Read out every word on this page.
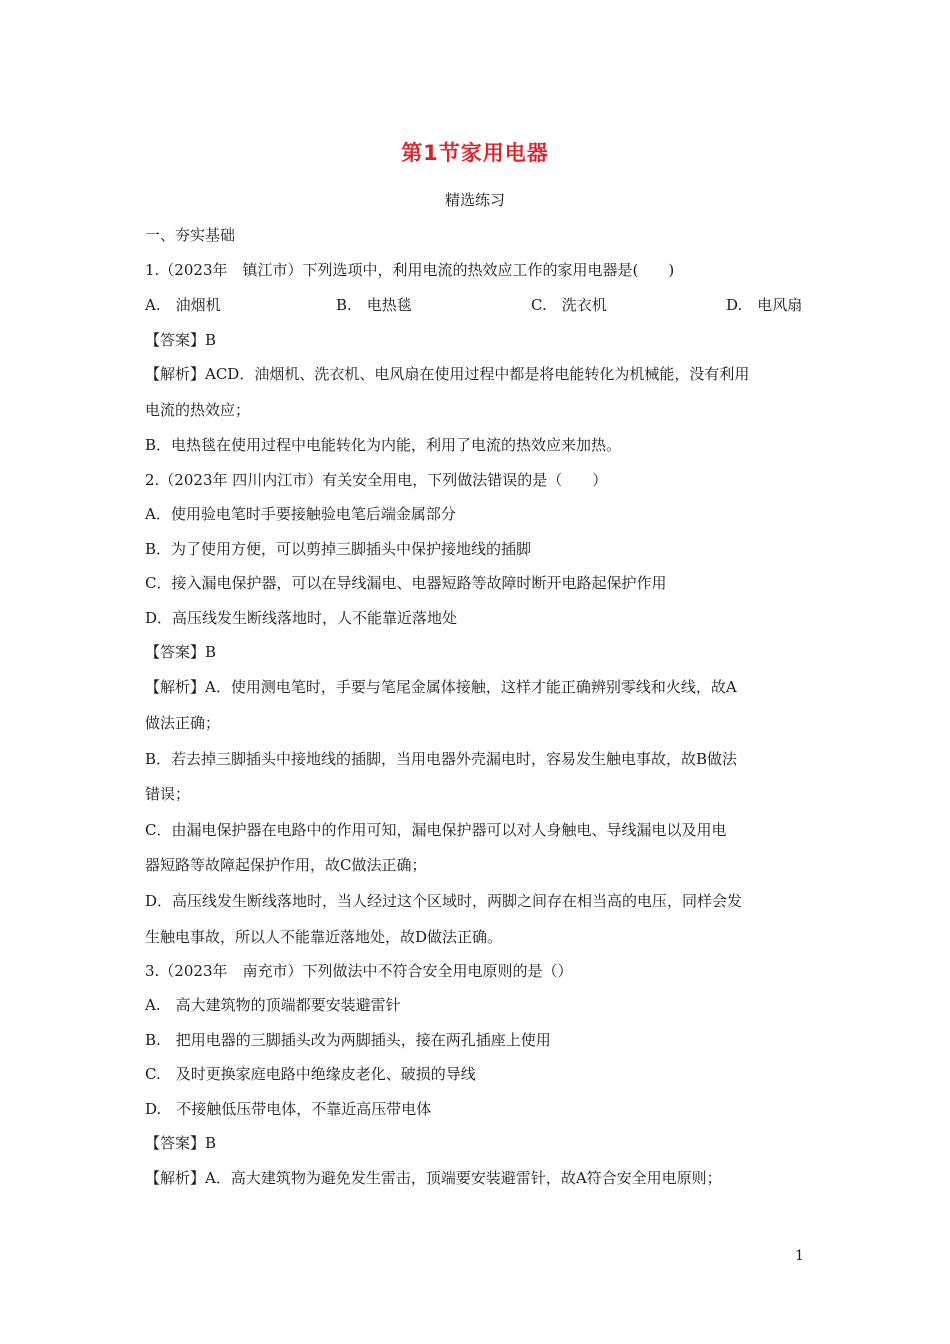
第1节家用电器
精选练习
一、夯实基础
1.（2023年　镇江市）下列选项中，利用电流的热效应工作的家用电器是(　　)
A.　油烟机	B.　电热毯	C.　洗衣机	D.　电风扇
【答案】B
【解析】ACD．油烟机、洗衣机、电风扇在使用过程中都是将电能转化为机械能，没有利用
电流的热效应；
B．电热毯在使用过程中电能转化为内能，利用了电流的热效应来加热。
2.（2023年 四川内江市）有关安全用电，下列做法错误的是（　　）
A．使用验电笔时手要接触验电笔后端金属部分
B．为了使用方便，可以剪掉三脚插头中保护接地线的插脚
C．接入漏电保护器，可以在导线漏电、电器短路等故障时断开电路起保护作用
D．高压线发生断线落地时，人不能靠近落地处
【答案】B
【解析】A．使用测电笔时，手要与笔尾金属体接触，这样才能正确辨别零线和火线，故A
做法正确；
B．若去掉三脚插头中接地线的插脚，当用电器外壳漏电时，容易发生触电事故，故B做法
错误；
C．由漏电保护器在电路中的作用可知，漏电保护器可以对人身触电、导线漏电以及用电
器短路等故障起保护作用，故C做法正确；
D．高压线发生断线落地时，当人经过这个区域时，两脚之间存在相当高的电压，同样会发
生触电事故，所以人不能靠近落地处，故D做法正确。
3.（2023年　南充市）下列做法中不符合安全用电原则的是（）
A.　高大建筑物的顶端都要安装避雷针
B.　把用电器的三脚插头改为两脚插头，接在两孔插座上使用
C.　及时更换家庭电路中绝缘皮老化、破损的导线
D.　不接触低压带电体，不靠近高压带电体
【答案】B
【解析】A．高大建筑物为避免发生雷击，顶端要安装避雷针，故A符合安全用电原则；
1
